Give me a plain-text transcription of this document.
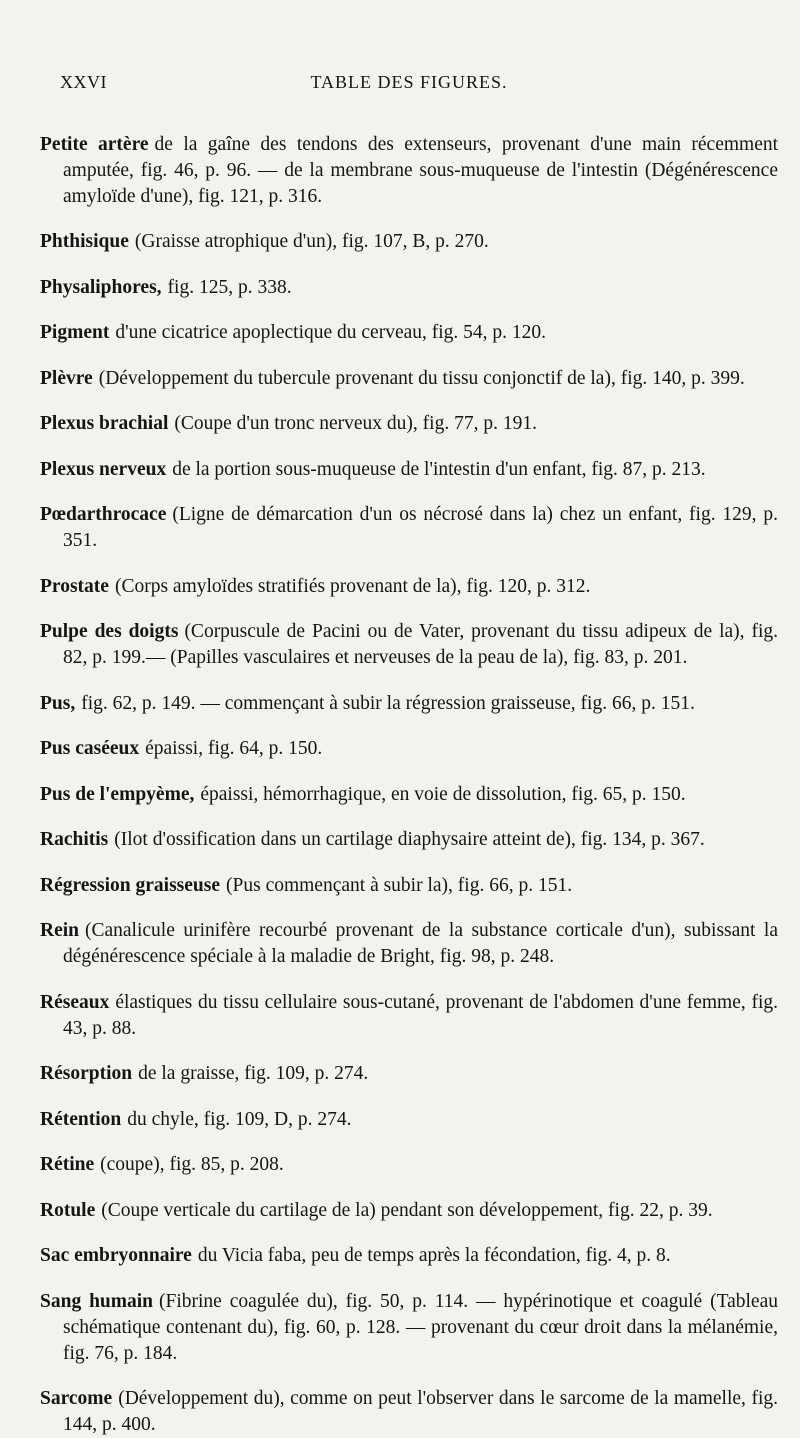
XXVI	TABLE DES FIGURES.

Petite artère de la gaîne des tendons des extenseurs, provenant d'une main récemment amputée, fig. 46, p. 96. — de la membrane sous-muqueuse de l'intestin (Dégénérescence amyloïde d'une), fig. 121, p. 316.

Phthisique (Graisse atrophique d'un), fig. 107, B, p. 270.

Physaliphores, fig. 125, p. 338.

Pigment d'une cicatrice apoplectique du cerveau, fig. 54, p. 120.

Plèvre (Développement du tubercule provenant du tissu conjonctif de la), fig. 140, p. 399.

Plexus brachial (Coupe d'un tronc nerveux du), fig. 77, p. 191.

Plexus nerveux de la portion sous-muqueuse de l'intestin d'un enfant, fig. 87, p. 213.

Pœdarthrocace (Ligne de démarcation d'un os nécrosé dans la) chez un enfant, fig. 129, p. 351.

Prostate (Corps amyloïdes stratifiés provenant de la), fig. 120, p. 312.

Pulpe des doigts (Corpuscule de Pacini ou de Vater, provenant du tissu adipeux de la), fig. 82, p. 199.— (Papilles vasculaires et nerveuses de la peau de la), fig. 83, p. 201.

Pus, fig. 62, p. 149. — commençant à subir la régression graisseuse, fig. 66, p. 151.

Pus caséeux épaissi, fig. 64, p. 150.

Pus de l'empyème, épaissi, hémorrhagique, en voie de dissolution, fig. 65, p. 150.

Rachitis (Ilot d'ossification dans un cartilage diaphysaire atteint de), fig. 134, p. 367.

Régression graisseuse (Pus commençant à subir la), fig. 66, p. 151.

Rein (Canalicule urinifère recourbé provenant de la substance corticale d'un), subissant la dégénérescence spéciale à la maladie de Bright, fig. 98, p. 248.

Réseaux élastiques du tissu cellulaire sous-cutané, provenant de l'abdomen d'une femme, fig. 43, p. 88.

Résorption de la graisse, fig. 109, p. 274.

Rétention du chyle, fig. 109, D, p. 274.

Rétine (coupe), fig. 85, p. 208.

Rotule (Coupe verticale du cartilage de la) pendant son développement, fig. 22, p. 39.

Sac embryonnaire du Vicia faba, peu de temps après la fécondation, fig. 4, p. 8.

Sang humain (Fibrine coagulée du), fig. 50, p. 114. — hypérinotique et coagulé (Tableau schématique contenant du), fig. 60, p. 128. — provenant du cœur droit dans la mélanémie, fig. 76, p. 184.

Sarcome (Développement du), comme on peut l'observer dans le sarcome de la mamelle, fig. 144, p. 400.
